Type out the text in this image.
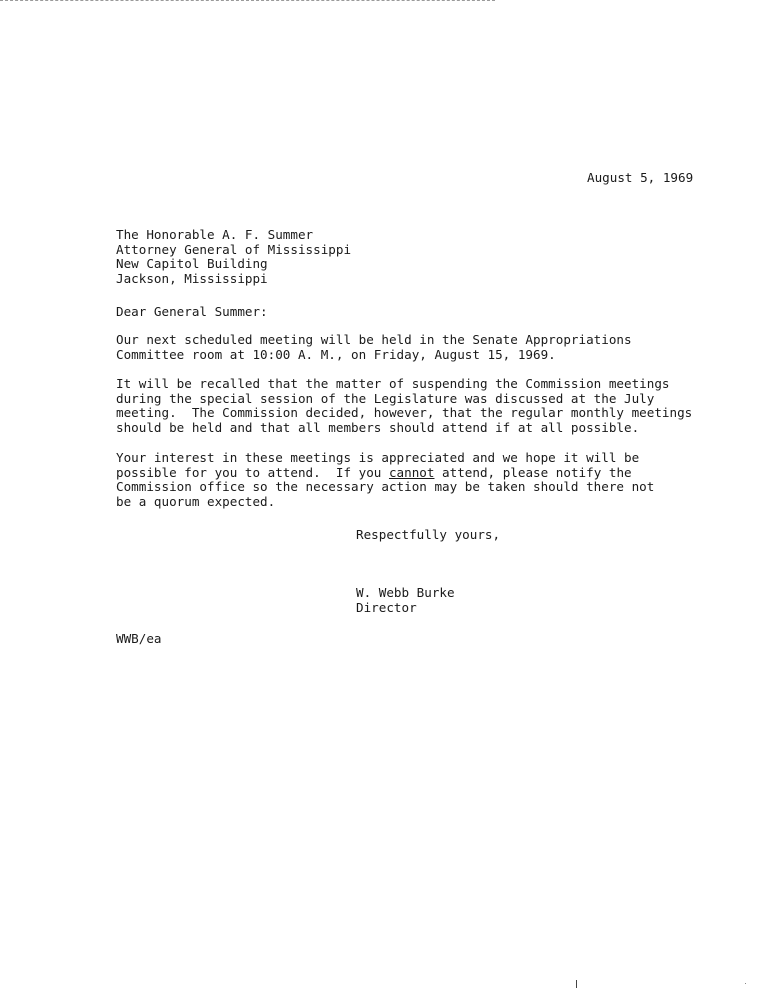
August 5, 1969
The Honorable A. F. Summer
Attorney General of Mississippi
New Capitol Building
Jackson, Mississippi
Dear General Summer:
Our next scheduled meeting will be held in the Senate Appropriations
Committee room at 10:00 A. M., on Friday, August 15, 1969.
It will be recalled that the matter of suspending the Commission meetings
during the special session of the Legislature was discussed at the July
meeting.  The Commission decided, however, that the regular monthly meetings
should be held and that all members should attend if at all possible.
Your interest in these meetings is appreciated and we hope it will be
possible for you to attend.  If you cannot attend, please notify the
Commission office so the necessary action may be taken should there not
be a quorum expected.
Respectfully yours,
W. Webb Burke
Director
WWB/ea
